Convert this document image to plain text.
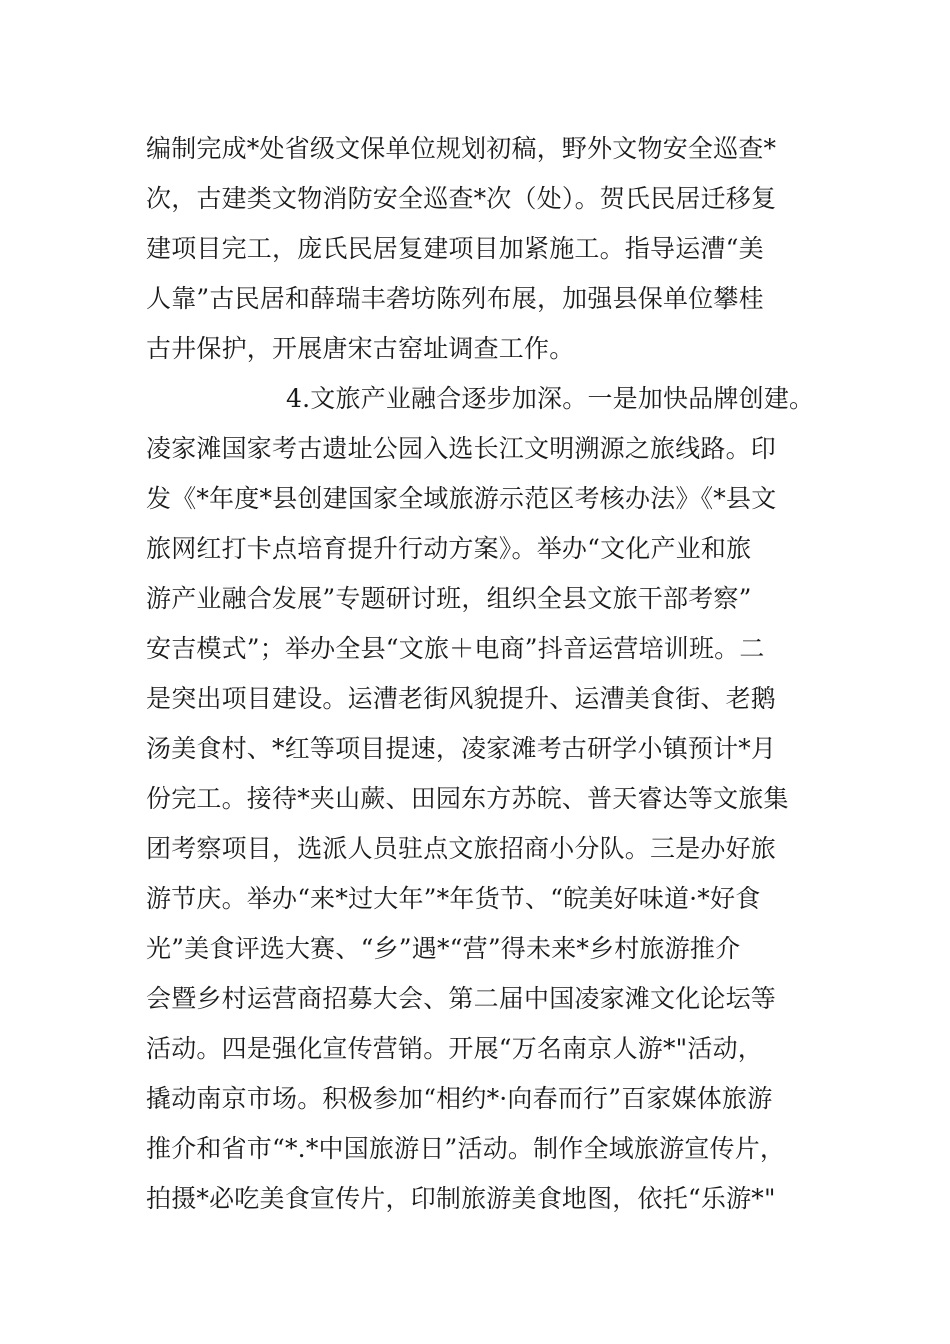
编制完成*处省级文保单位规划初稿，野外文物安全巡查*
次，古建类文物消防安全巡查*次（处）。贺氏民居迁移复
建项目完工，庞氏民居复建项目加紧施工。指导运漕“美
人靠”古民居和薛瑞丰砻坊陈列布展，加强县保单位攀桂
古井保护，开展唐宋古窑址调查工作。
4.文旅产业融合逐步加深。一是加快品牌创建。
凌家滩国家考古遗址公园入选长江文明溯源之旅线路。印
发《*年度*县创建国家全域旅游示范区考核办法》《*县文
旅网红打卡点培育提升行动方案》。举办“文化产业和旅
游产业融合发展”专题研讨班，组织全县文旅干部考察”
安吉模式”；举办全县“文旅＋电商”抖音运营培训班。二
是突出项目建设。运漕老街风貌提升、运漕美食街、老鹅
汤美食村、*红等项目提速，凌家滩考古研学小镇预计*月
份完工。接待*夹山蕨、田园东方苏皖、普天睿达等文旅集
团考察项目，选派人员驻点文旅招商小分队。三是办好旅
游节庆。举办“来*过大年”*年货节、“皖美好味道·*好食
光”美食评选大赛、“乡”遇*“营”得未来*乡村旅游推介
会暨乡村运营商招募大会、第二届中国凌家滩文化论坛等
活动。四是强化宣传营销。开展“万名南京人游*"活动，
撬动南京市场。积极参加“相约*·向春而行”百家媒体旅游
推介和省市“*.*中国旅游日”活动。制作全域旅游宣传片，
拍摄*必吃美食宣传片，印制旅游美食地图，依托“乐游*"
